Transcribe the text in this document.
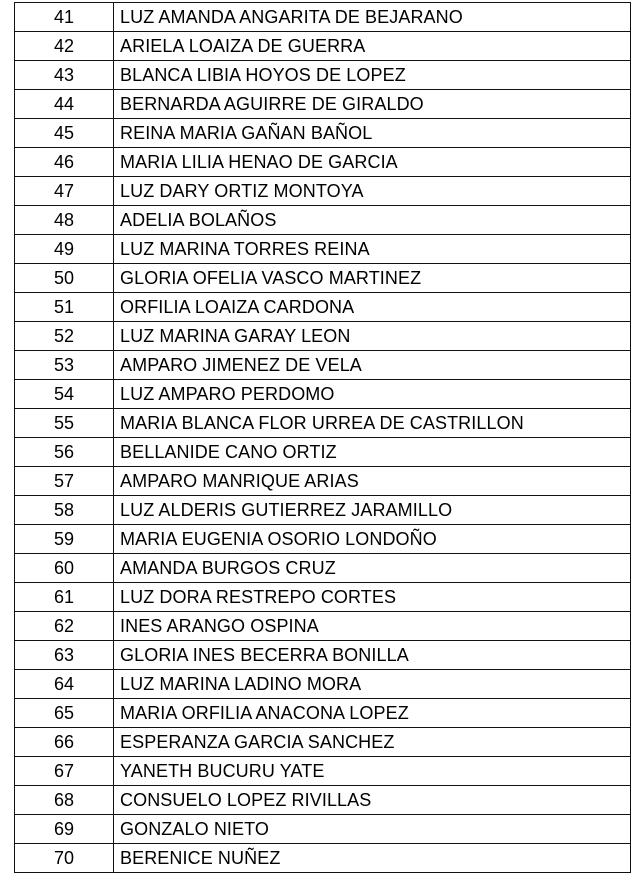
41	LUZ AMANDA ANGARITA DE BEJARANO
42	ARIELA LOAIZA DE GUERRA
43	BLANCA LIBIA HOYOS DE LOPEZ
44	BERNARDA AGUIRRE DE GIRALDO
45	REINA MARIA GAÑAN BAÑOL
46	MARIA LILIA HENAO DE GARCIA
47	LUZ DARY ORTIZ MONTOYA
48	ADELIA BOLAÑOS
49	LUZ MARINA TORRES REINA
50	GLORIA OFELIA VASCO MARTINEZ
51	ORFILIA LOAIZA CARDONA
52	LUZ MARINA GARAY LEON
53	AMPARO JIMENEZ DE VELA
54	LUZ AMPARO PERDOMO
55	MARIA BLANCA FLOR URREA DE CASTRILLON
56	BELLANIDE CANO ORTIZ
57	AMPARO MANRIQUE ARIAS
58	LUZ ALDERIS GUTIERREZ JARAMILLO
59	MARIA EUGENIA OSORIO LONDOÑO
60	AMANDA BURGOS CRUZ
61	LUZ DORA RESTREPO CORTES
62	INES ARANGO OSPINA
63	GLORIA INES BECERRA BONILLA
64	LUZ MARINA LADINO MORA
65	MARIA ORFILIA ANACONA LOPEZ
66	ESPERANZA GARCIA SANCHEZ
67	YANETH BUCURU YATE
68	CONSUELO LOPEZ RIVILLAS
69	GONZALO NIETO
70	BERENICE NUÑEZ
